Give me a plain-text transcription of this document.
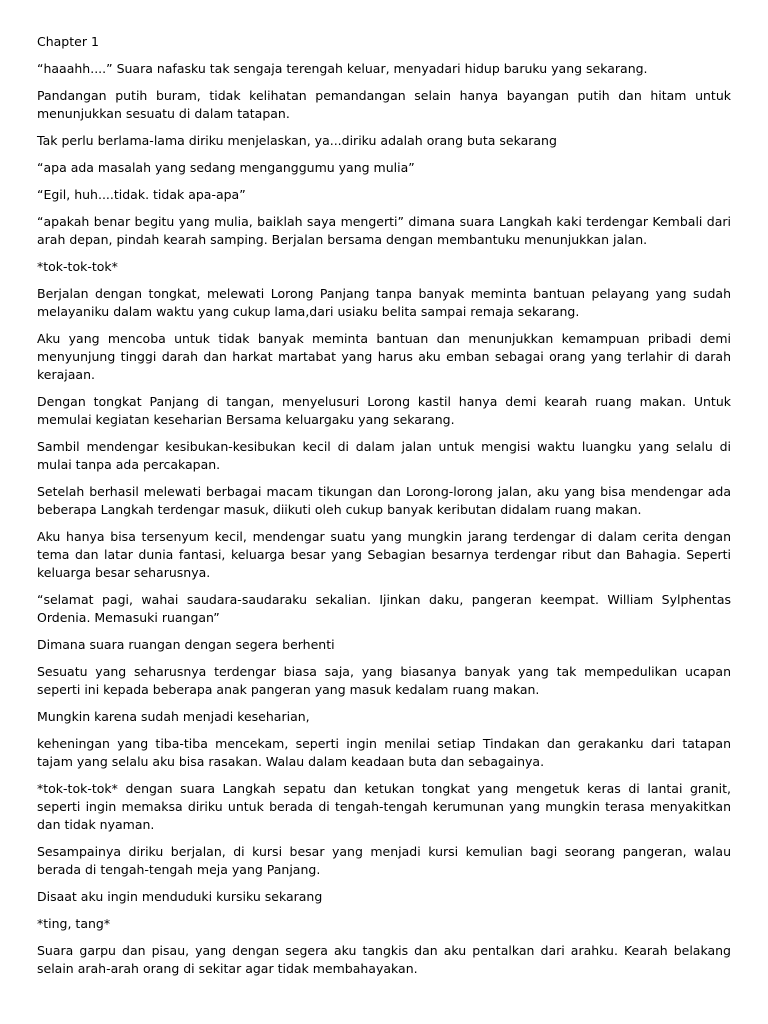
Chapter 1

“haaahh....” Suara nafasku tak sengaja terengah keluar, menyadari hidup baruku yang sekarang.

Pandangan putih buram, tidak kelihatan pemandangan selain hanya bayangan putih dan hitam untuk menunjukkan sesuatu di dalam tatapan.

Tak perlu berlama-lama diriku menjelaskan, ya...diriku adalah orang buta sekarang

“apa ada masalah yang sedang menganggumu yang mulia”

“Egil, huh....tidak. tidak apa-apa”

“apakah benar begitu yang mulia, baiklah saya mengerti” dimana suara Langkah kaki terdengar Kembali dari arah depan, pindah kearah samping. Berjalan bersama dengan membantuku menunjukkan jalan.

*tok-tok-tok*

Berjalan dengan tongkat, melewati Lorong Panjang tanpa banyak meminta bantuan pelayang yang sudah melayaniku dalam waktu yang cukup lama,dari usiaku belita sampai remaja sekarang.

Aku yang mencoba untuk tidak banyak meminta bantuan dan menunjukkan kemampuan pribadi demi menyunjung tinggi darah dan harkat martabat yang harus aku emban sebagai orang yang terlahir di darah kerajaan.

Dengan tongkat Panjang di tangan, menyelusuri Lorong kastil hanya demi kearah ruang makan. Untuk memulai kegiatan keseharian Bersama keluargaku yang sekarang.

Sambil mendengar kesibukan-kesibukan kecil di dalam jalan untuk mengisi waktu luangku yang selalu di mulai tanpa ada percakapan.

Setelah berhasil melewati berbagai macam tikungan dan Lorong-lorong jalan, aku yang bisa mendengar ada beberapa Langkah terdengar masuk, diikuti oleh cukup banyak keributan didalam ruang makan.

Aku hanya bisa tersenyum kecil, mendengar suatu yang mungkin jarang terdengar di dalam cerita dengan tema dan latar dunia fantasi, keluarga besar yang Sebagian besarnya terdengar ribut dan Bahagia. Seperti keluarga besar seharusnya.

“selamat pagi, wahai saudara-saudaraku sekalian. Ijinkan daku, pangeran keempat. William Sylphentas Ordenia. Memasuki ruangan”

Dimana suara ruangan dengan segera berhenti

Sesuatu yang seharusnya terdengar biasa saja, yang biasanya banyak yang tak mempedulikan ucapan seperti ini kepada beberapa anak pangeran yang masuk kedalam ruang makan.

Mungkin karena sudah menjadi keseharian,

keheningan yang tiba-tiba mencekam, seperti ingin menilai setiap Tindakan dan gerakanku dari tatapan tajam yang selalu aku bisa rasakan. Walau dalam keadaan buta dan sebagainya.

*tok-tok-tok* dengan suara Langkah sepatu dan ketukan tongkat yang mengetuk keras di lantai granit, seperti ingin memaksa diriku untuk berada di tengah-tengah kerumunan yang mungkin terasa menyakitkan dan tidak nyaman.

Sesampainya diriku berjalan, di kursi besar yang menjadi kursi kemulian bagi seorang pangeran, walau berada di tengah-tengah meja yang Panjang.

Disaat aku ingin menduduki kursiku sekarang

*ting, tang*

Suara garpu dan pisau, yang dengan segera aku tangkis dan aku pentalkan dari arahku. Kearah belakang selain arah-arah orang di sekitar agar tidak membahayakan.
